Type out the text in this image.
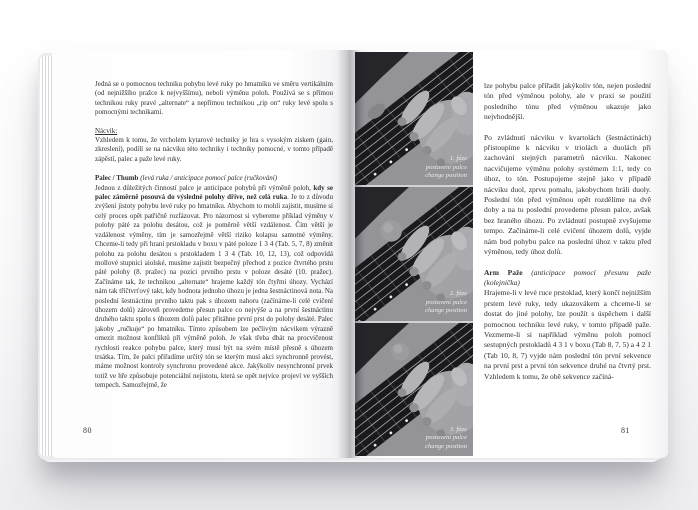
Jedná se o pomocnou techniku pohybu levé ruky po hmatníku ve směru vertikálním (od nejnižšího pražce k nejvyššímu), neboli výměnu poloh. Používá se s přímou technikou ruky pravé „alternate“ a nepřímou technikou „rip on“ ruky levé spolu s pomocnými technikami.

Nácvik:

Vzhledem k tomu, že vrcholem kytarové techniky je hra s vysokým ziskem (gain, zkreslení), podílí se na nácviku této techniky i techniky pomocné, v tomto případě zápěstí, palec a paže levé ruky.

Palec / Thumb (levá ruka / anticipace pomocí palce (ručkování)

Jednou z důležitých činností palce je anticipace pohybů při výměně poloh, kdy se palec záměrně posouvá do výsledné polohy dříve, než celá ruka. Je to z důvodu zvýšení jistoty pohybu levé ruky po hmatníku. Abychom to mohli zajistit, musíme si celý proces opět patřičně rozfázovat. Pro názornost si vybereme příklad výměny v polohy páté za polohu desátou, což je poměrně větší vzdálenost. Čím větší je vzdálenost výměny, tím je samozřejmě větší riziko kolapsu samotné výměny. Chceme-li tedy při hraní prstokladu v boxu v páté poloze 1 3 4 (Tab. 5, 7, 8) změnit polohu za polohu desátou s prstokladem 1 3 4 (Tab. 10, 12, 13), což odpovídá mollové stupnici aiolské, musíme zajistit bezpečný přechod z pozice čtvrtého prstu páté polohy (8. pražec) na pozici prvního prstu v poloze desáté (10. pražec). Začínáme tak, že technikou „alternate“ hrajeme každý tón čtyřmi úhozy. Vychází nám tak tříčtvrťový takt, kdy hodnota jednoho úhozu je jedna šestnáctinová nota. Na poslední šestnáctinu prvního taktu pak s úhozem nahoru (začínáme-li celé cvičení úhozem dolů) zároveň provedeme přesun palce co nejvýše a na první šestnáctinu druhého taktu spolu s úhozem dolů palec přitáhne první prst do polohy desáté. Palec jakoby „ručkuje“ po hmatníku. Tímto způsobem lze pečlivým nácvikem výrazně omezit možnost konfliktů při výměně poloh. Je však třeba dbát na procvičenost rychlosti reakce pohybu palce, který musí být na svém místě přesně s úhozem trsátka. Tím, že palci přiřadíme určitý tón se kterým musí akci synchronně provést, máme možnost kontroly synchronu provedené akce. Jakýkoliv nesynchronní prvek totiž ve hře způsobuje potenciální nejistotu, která se opět nejvíce projeví ve vyšších tempech. Samozřejmě, že

80
1. fáze
postavení palce
change position
2. fáze
postavení palce
change position
3. fáze
postavení palce
change position

lze pohybu palce přiřadit jakýkoliv tón, nejen poslední tón před výměnou polohy, ale v praxi se použití posledního tónu před výměnou ukazuje jako nejvhodnější.

Po zvládnutí nácviku v kvartolách (šestnáctinách) přistoupíme k nácviku v triolách a duolách při zachování stejných parametrů nácviku. Nakonec nacvičujeme výměnu polohy systémem 1:1, tedy co úhoz, to tón. Postupujeme stejně jako v případě nácviku duol, zprvu pomalu, jakobychom hráli duoly. Poslední tón před výměnou opět rozdělíme na dvě doby a na tu poslední provedeme přesun palce, avšak bez hraného úhozu. Po zvládnutí postupně zvyšujeme tempo. Začínáme-li celé cvičení úhozem dolů, vyjde nám bod pohybu palce na poslední úhoz v taktu před výměnou, tedy úhoz dolů.

Arm Paže (anticipace pomocí přesunu paže (kolejnička)

Hrajeme-li v levé ruce prstoklad, který končí nejnižším prstem levé ruky, tedy ukazovákem a chceme-li se dostat do jiné polohy, lze použít s úspěchem i další pomocnou techniku levé ruky, v tomto případě paže. Vezmeme-li si například výměnu poloh pomocí sestupných prstokladů 4 3 1 v boxu (Tab 8, 7, 5) a 4 2 1 (Tab 10, 8, 7) vyjde nám poslední tón první sekvence na první prst a první tón sekvence druhé na čtvrtý prst. Vzhledem k tomu, že obě sekvence začíná-

81
